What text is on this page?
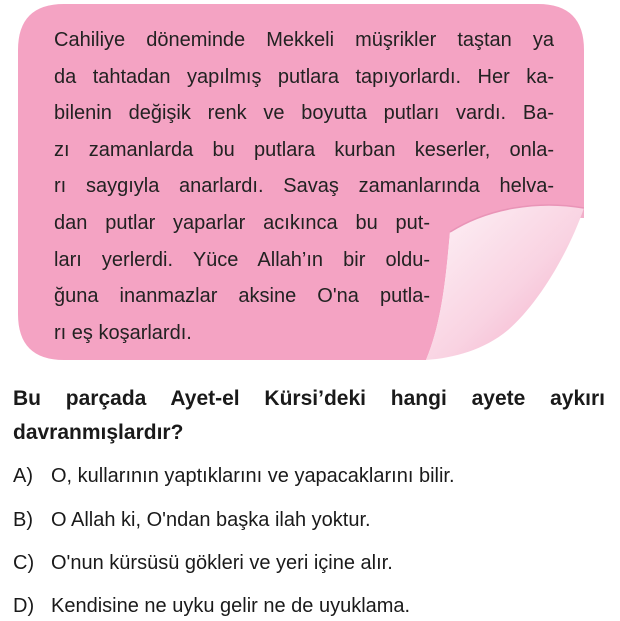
Cahiliye döneminde Mekkeli müşrikler taştan ya
da tahtadan yapılmış putlara tapıyorlardı. Her ka-
bilenin değişik renk ve boyutta putları vardı. Ba-
zı zamanlarda bu putlara kurban keserler, onla-
rı saygıyla anarlardı. Savaş zamanlarında helva-
dan putlar yaparlar acıkınca bu put-
ları yerlerdi. Yüce Allah’ın bir oldu-
ğuna inanmazlar aksine O'na putla-
rı eş koşarlardı.
Bu parçada Ayet-el Kürsi’deki hangi ayete aykırı
davranmışlardır?
A) O, kullarının yaptıklarını ve yapacaklarını bilir.
B) O Allah ki, O'ndan başka ilah yoktur.
C) O'nun kürsüsü gökleri ve yeri içine alır.
D) Kendisine ne uyku gelir ne de uyuklama.
